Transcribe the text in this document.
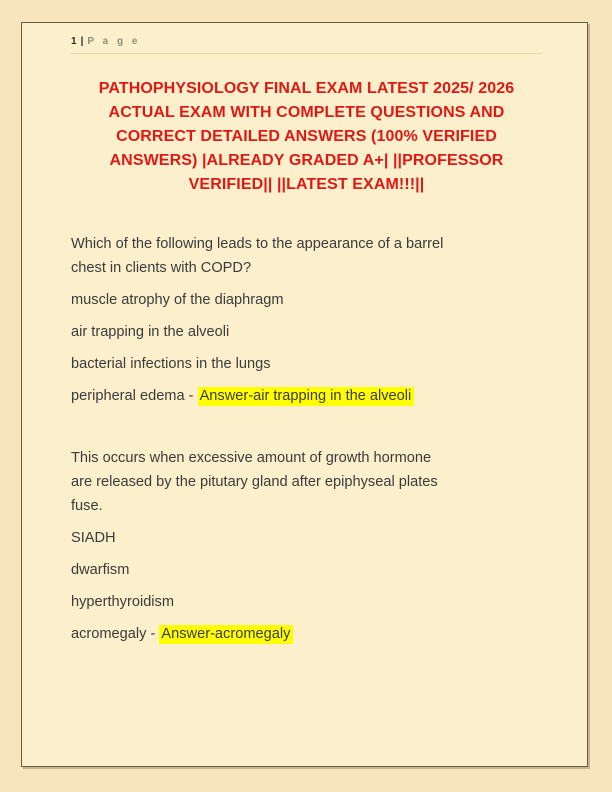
1 | P a g e
PATHOPHYSIOLOGY FINAL EXAM LATEST 2025/ 2026
ACTUAL EXAM WITH COMPLETE QUESTIONS AND
CORRECT DETAILED ANSWERS (100% VERIFIED
ANSWERS) |ALREADY GRADED A+| ||PROFESSOR
VERIFIED|| ||LATEST EXAM!!!||
Which of the following leads to the appearance of a barrel
chest in clients with COPD?
muscle atrophy of the diaphragm
air trapping in the alveoli
bacterial infections in the lungs
peripheral edema - Answer-air trapping in the alveoli
This occurs when excessive amount of growth hormone
are released by the pitutary gland after epiphyseal plates
fuse.
SIADH
dwarfism
hyperthyroidism
acromegaly - Answer-acromegaly
